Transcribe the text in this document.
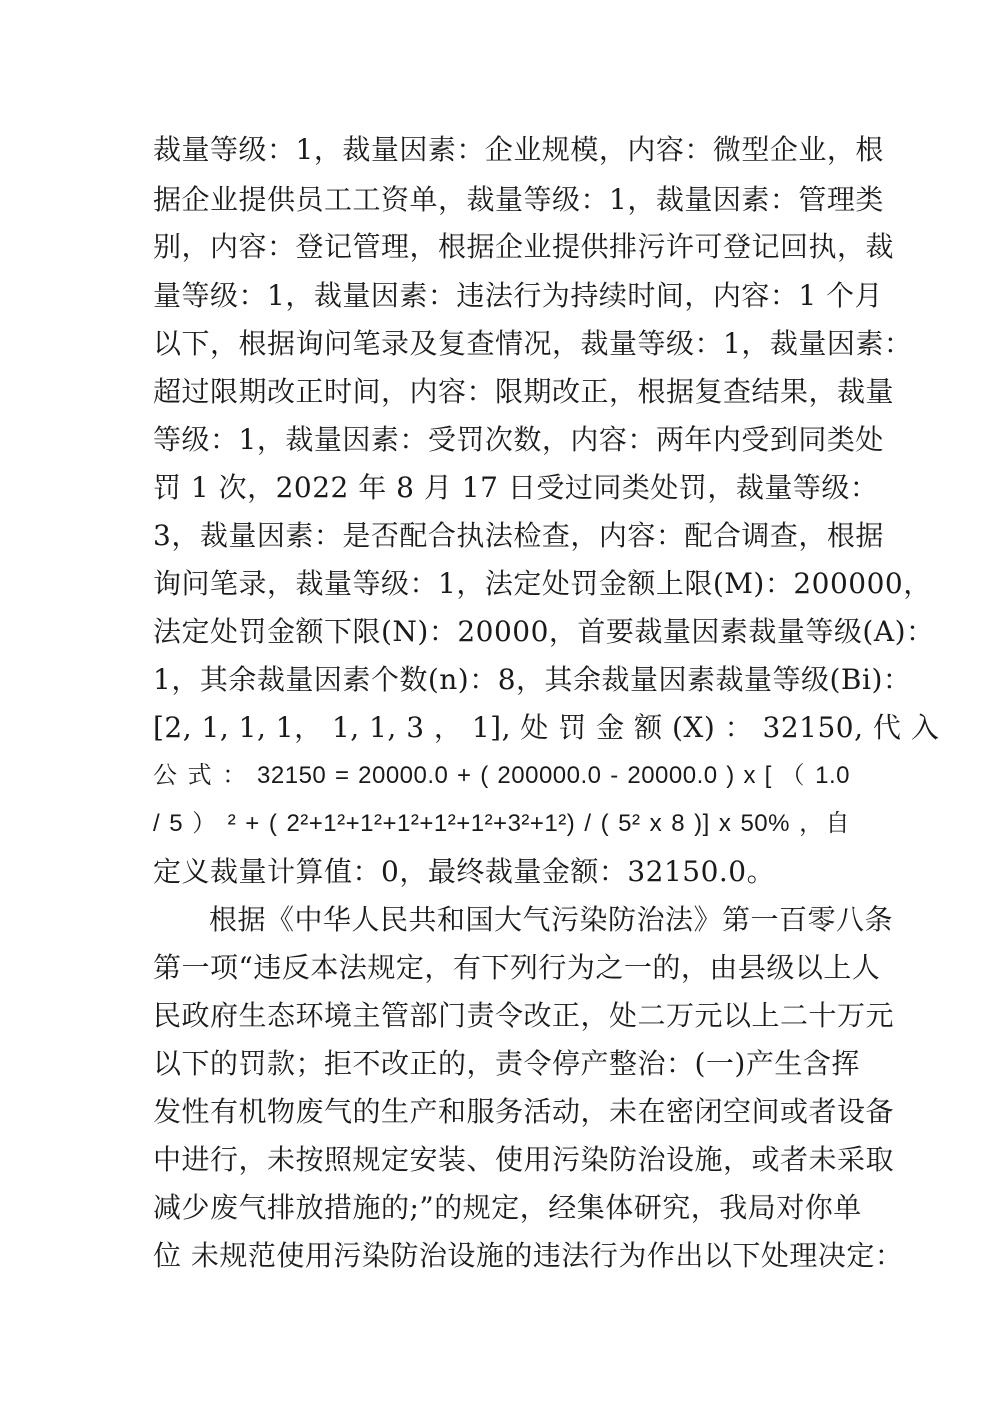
裁量等级：1，裁量因素：企业规模，内容：微型企业，根
据企业提供员工工资单，裁量等级：1，裁量因素：管理类
别，内容：登记管理，根据企业提供排污许可登记回执，裁
量等级：1，裁量因素：违法行为持续时间，内容：1 个月
以下，根据询问笔录及复查情况，裁量等级：1，裁量因素：
超过限期改正时间，内容：限期改正，根据复查结果，裁量
等级：1，裁量因素：受罚次数，内容：两年内受到同类处
罚 1 次，2022 年 8 月 17 日受过同类处罚，裁量等级：
3，裁量因素：是否配合执法检查，内容：配合调查，根据
询问笔录，裁量等级：1，法定处罚金额上限(M)：200000，
法定处罚金额下限(N)：20000，首要裁量因素裁量等级(A)：
1，其余裁量因素个数(n)：8，其余裁量因素裁量等级(Bi)：
[2, 1, 1, 1， 1, 1, 3 ， 1], 处 罚 金 额 (X) ： 32150, 代 入
公 式 ： 32150 = 20000.0 + ( 200000.0 - 20000.0 ) x [ （ 1.0
/ 5 ） ² + ( 2²+1²+1²+1²+1²+1²+3²+1²) / ( 5² x 8 )] x 50% ，自
定义裁量计算值：0，最终裁量金额：32150.0。
根据《中华人民共和国大气污染防治法》第一百零八条
第一项“违反本法规定，有下列行为之一的，由县级以上人
民政府生态环境主管部门责令改正，处二万元以上二十万元
以下的罚款；拒不改正的，责令停产整治：(一)产生含挥
发性有机物废气的生产和服务活动，未在密闭空间或者设备
中进行，未按照规定安装、使用污染防治设施，或者未采取
减少废气排放措施的;”的规定，经集体研究，我局对你单
位 未规范使用污染防治设施的违法行为作出以下处理决定：
